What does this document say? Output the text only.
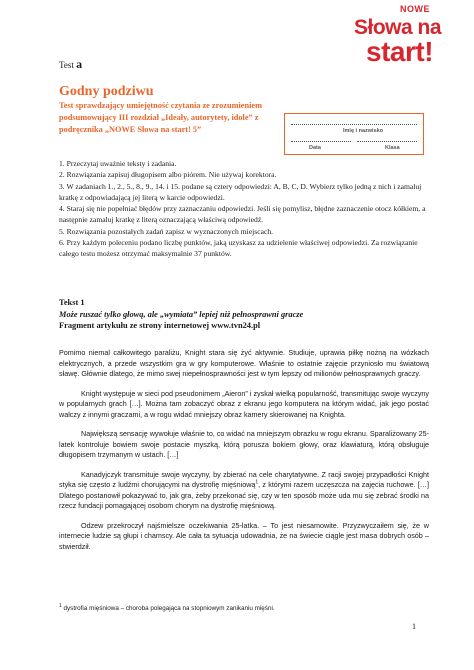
NOWE
Słowa na
start!
Test a
Godny podziwu
Test sprawdzający umiejętność czytania ze zrozumieniem podsumowujący III rozdział „Ideały, autorytety, idole” z podręcznika „NOWE Słowa na start! 5”	Imię i nazwisko
Data	Klasa

1. Przeczytaj uważnie teksty i zadania.

2. Rozwiązania zapisuj długopisem albo piórem. Nie używaj korektora.

3. W zadaniach 1., 2., 5., 8., 9., 14. i 15. podane są cztery odpowiedzi: A, B, C, D. Wybierz tylko jedną z nich i zamaluj kratkę z odpowiadającą jej literą w karcie odpowiedzi.

4. Staraj się nie popełniać błędów przy zaznaczaniu odpowiedzi. Jeśli się pomylisz, błędne zaznaczenie otocz kółkiem, a następnie zamaluj kratkę z literą oznaczającą właściwą odpowiedź.

5. Rozwiązania pozostałych zadań zapisz w wyznaczonych miejscach.

6. Przy każdym poleceniu podano liczbę punktów, jaką uzyskasz za udzielenie właściwej odpowiedzi. Za rozwiązanie całego testu możesz otrzymać maksymalnie 37 punktów.

Tekst 1
Może ruszać tylko głową, ale „wymiata” lepiej niż pełnosprawni gracze
Fragment artykułu ze strony internetowej www.tvn24.pl

Pomimo niemal całkowitego paraliżu, Knight stara się żyć aktywnie. Studiuje, uprawia piłkę nożną na wózkach elektrycznych, a przede wszystkim gra w gry komputerowe. Właśnie to ostatnie zajęcie przyniosło mu światową sławę. Głównie dlatego, że mimo swej niepełnosprawności jest w tym lepszy od milionów pełnosprawnych graczy.

Knight występuje w sieci pod pseudonimem „Aieron” i zyskał wielką popularność, transmitując swoje wyczyny w popularnych grach […]. Można tam zobaczyć obraz z ekranu jego komputera na którym widać, jak jego postać walczy z innymi graczami, a w rogu widać mniejszy obraz kamery skierowanej na Knighta.

Największą sensację wywołuje właśnie to, co widać na mniejszym obrazku w rogu ekranu. Sparaliżowany 25-latek kontroluje bowiem swoje postacie myszką, którą porusza bokiem głowy, oraz klawiaturą, którą obsługuje długopisem trzymanym w ustach. […]

Kanadyjczyk transmituje swoje wyczyny, by zbierać na cele charytatywne. Z racji swojej przypadłości Knight styka się często z ludźmi chorującymi na dystrofię mięśniową$^1$, z którymi razem uczęszcza na zajęcia ruchowe. […] Dlatego postanowił pokazywać to, jak gra, żeby przekonać się, czy w ten sposób może uda mu się zebrać środki na rzecz fundacji pomagającej osobom chorym na dystrofię mięśniową.

Odzew przekroczył najśmielsze oczekiwania 25-latka. – To jest niesamowite. Przyzwyczaiłem się, że w internecie ludzie są głupi i chamscy. Ale cała ta sytuacja udowadnia, że na świecie ciągle jest masa dobrych osób – stwierdził.

$^1$ dystrofia mięśniowa – choroba polegająca na stopniowym zanikaniu mięśni.
1
